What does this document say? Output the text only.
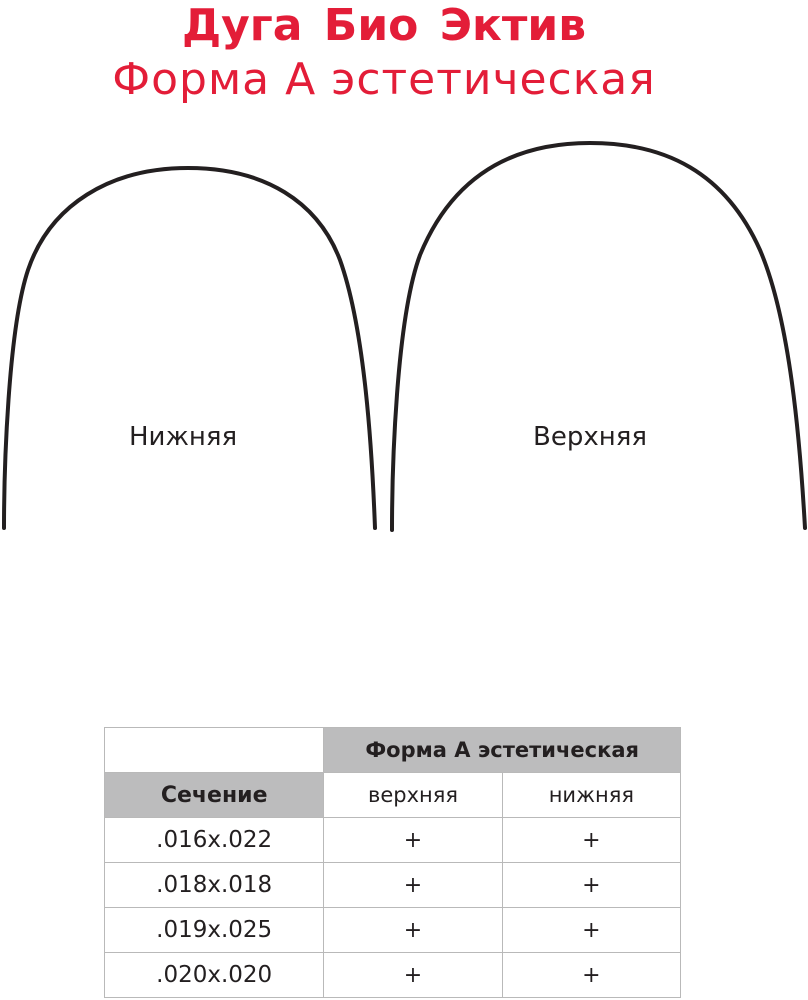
Дуга Био Эктив
Форма А эстетическая
Нижняя	Верхняя
	Форма А эстетическая	
Сечение	верхняя	нижняя
.016x.022	+	+
.018x.018	+	+
.019x.025	+	+
.020x.020	+	+
